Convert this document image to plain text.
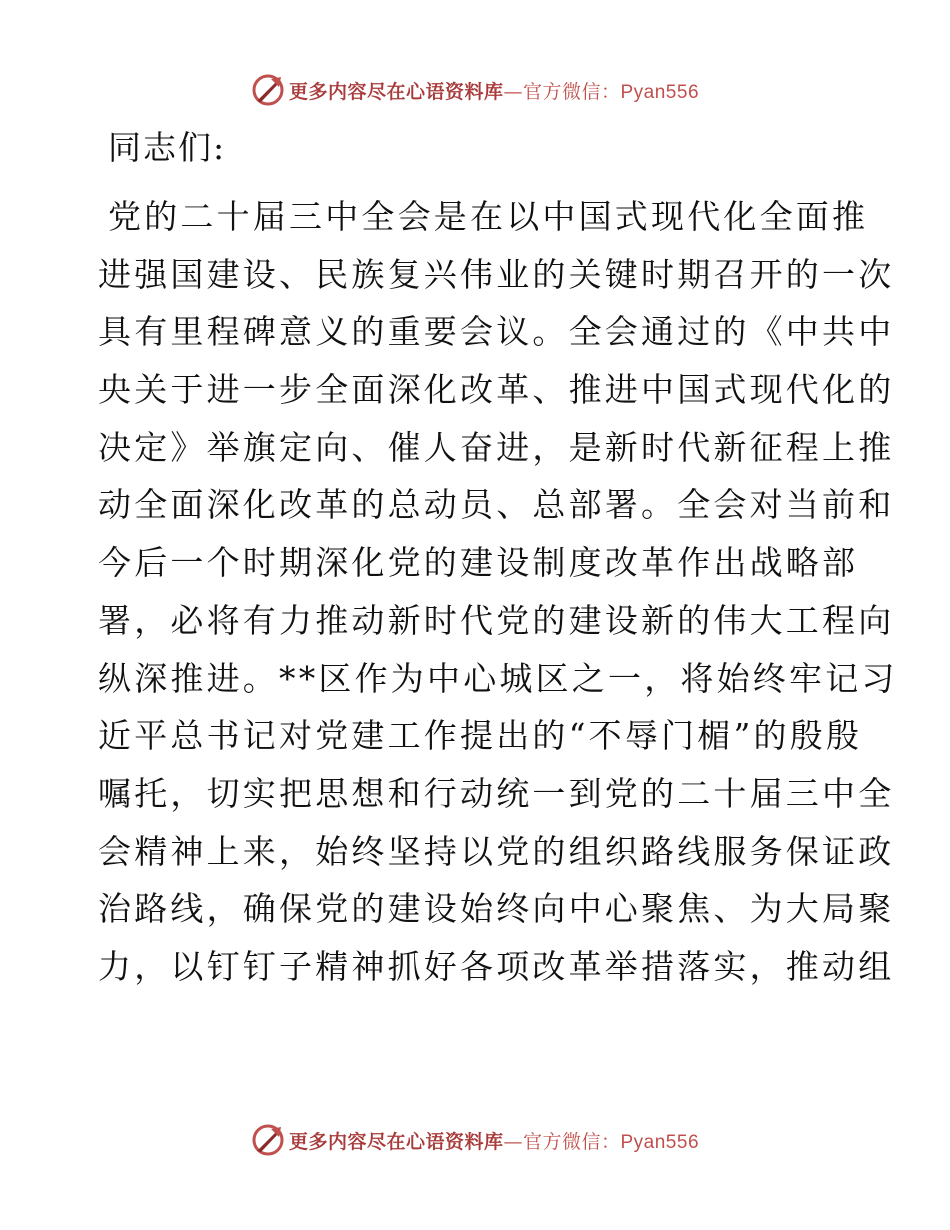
更多内容尽在心语资料库—官方微信：Pyan556
同志们:
党的二十届三中全会是在以中国式现代化全面推
进强国建设、民族复兴伟业的关键时期召开的一次
具有里程碑意义的重要会议。全会通过的《中共中
央关于进一步全面深化改革、推进中国式现代化的
决定》举旗定向、催人奋进，是新时代新征程上推
动全面深化改革的总动员、总部署。全会对当前和
今后一个时期深化党的建设制度改革作出战略部
署，必将有力推动新时代党的建设新的伟大工程向
纵深推进。**区作为中心城区之一，将始终牢记习
近平总书记对党建工作提出的“不辱门楣”的殷殷
嘱托，切实把思想和行动统一到党的二十届三中全
会精神上来，始终坚持以党的组织路线服务保证政
治路线，确保党的建设始终向中心聚焦、为大局聚
力，以钉钉子精神抓好各项改革举措落实，推动组
更多内容尽在心语资料库—官方微信：Pyan556
